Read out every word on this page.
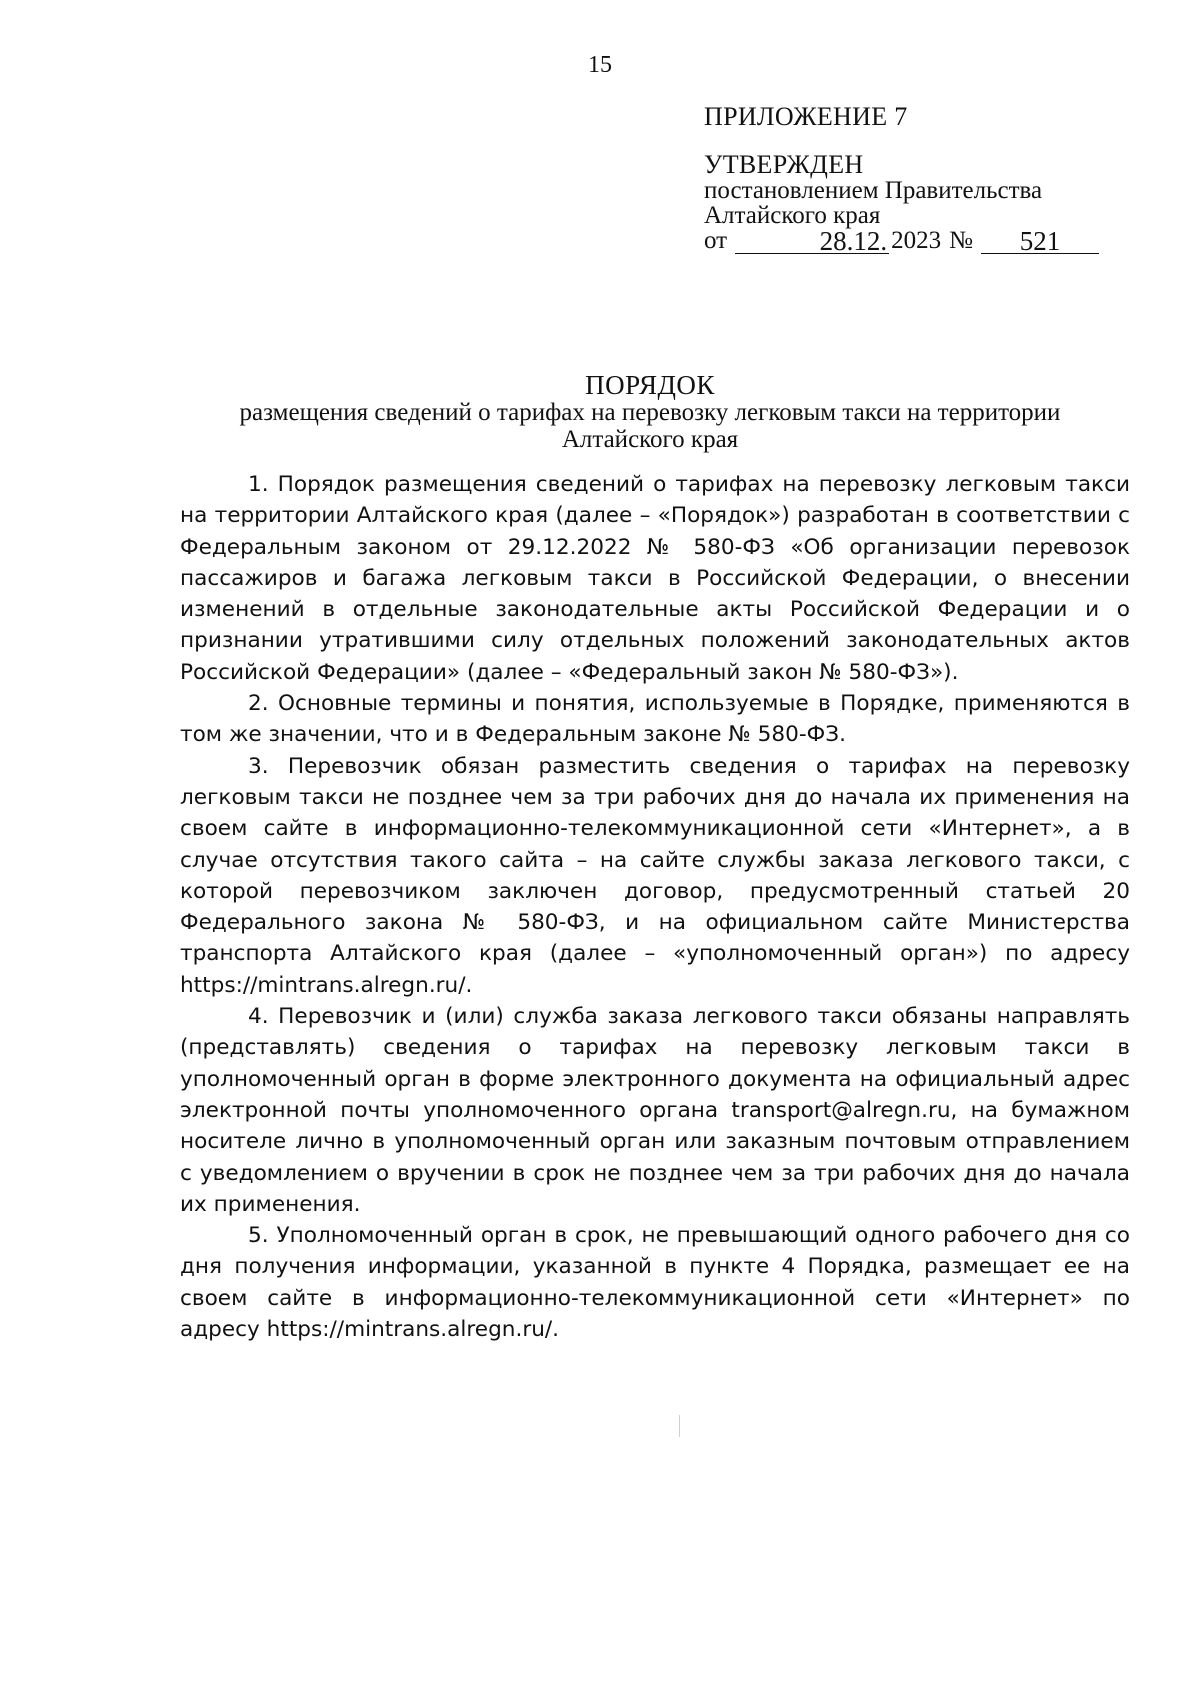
15
ПРИЛОЖЕНИЕ 7
УТВЕРЖДЕН
постановлением Правительства
Алтайского края
от	28.12. 2023 №	521
ПОРЯДОК
размещения сведений о тарифах на перевозку легковым такси на территории
Алтайского края

1. Порядок размещения сведений о тарифах на перевозку легковым такси на территории Алтайского края (далее – «Порядок») разработан в соответствии с Федеральным законом от 29.12.2022 № 580-ФЗ «Об организации перевозок пассажиров и багажа легковым такси в Российской Федерации, о внесении изменений в отдельные законодательные акты Российской Федерации и о признании утратившими силу отдельных положений законодательных актов Российской Федерации» (далее – «Федеральный закон № 580-ФЗ»).

2. Основные термины и понятия, используемые в Порядке, применяются в том же значении, что и в Федеральным законе № 580-ФЗ.

3. Перевозчик обязан разместить сведения о тарифах на перевозку легковым такси не позднее чем за три рабочих дня до начала их применения на своем сайте в информационно-телекоммуникационной сети «Интернет», а в случае отсутствия такого сайта – на сайте службы заказа легкового такси, с которой перевозчиком заключен договор, предусмотренный статьей 20 Федерального закона № 580-ФЗ, и на официальном сайте Министерства транспорта Алтайского края (далее – «уполномоченный орган») по адресу https://mintrans.alregn.ru/.

4. Перевозчик и (или) служба заказа легкового такси обязаны направлять (представлять) сведения о тарифах на перевозку легковым такси в уполномоченный орган в форме электронного документа на официальный адрес электронной почты уполномоченного органа transport@alregn.ru, на бумажном носителе лично в уполномоченный орган или заказным почтовым отправлением с уведомлением о вручении в срок не позднее чем за три рабочих дня до начала их применения.

5. Уполномоченный орган в срок, не превышающий одного рабочего дня со дня получения информации, указанной в пункте 4 Порядка, размещает ее на своем сайте в информационно-телекоммуникационной сети «Интернет» по адресу https://mintrans.alregn.ru/.
